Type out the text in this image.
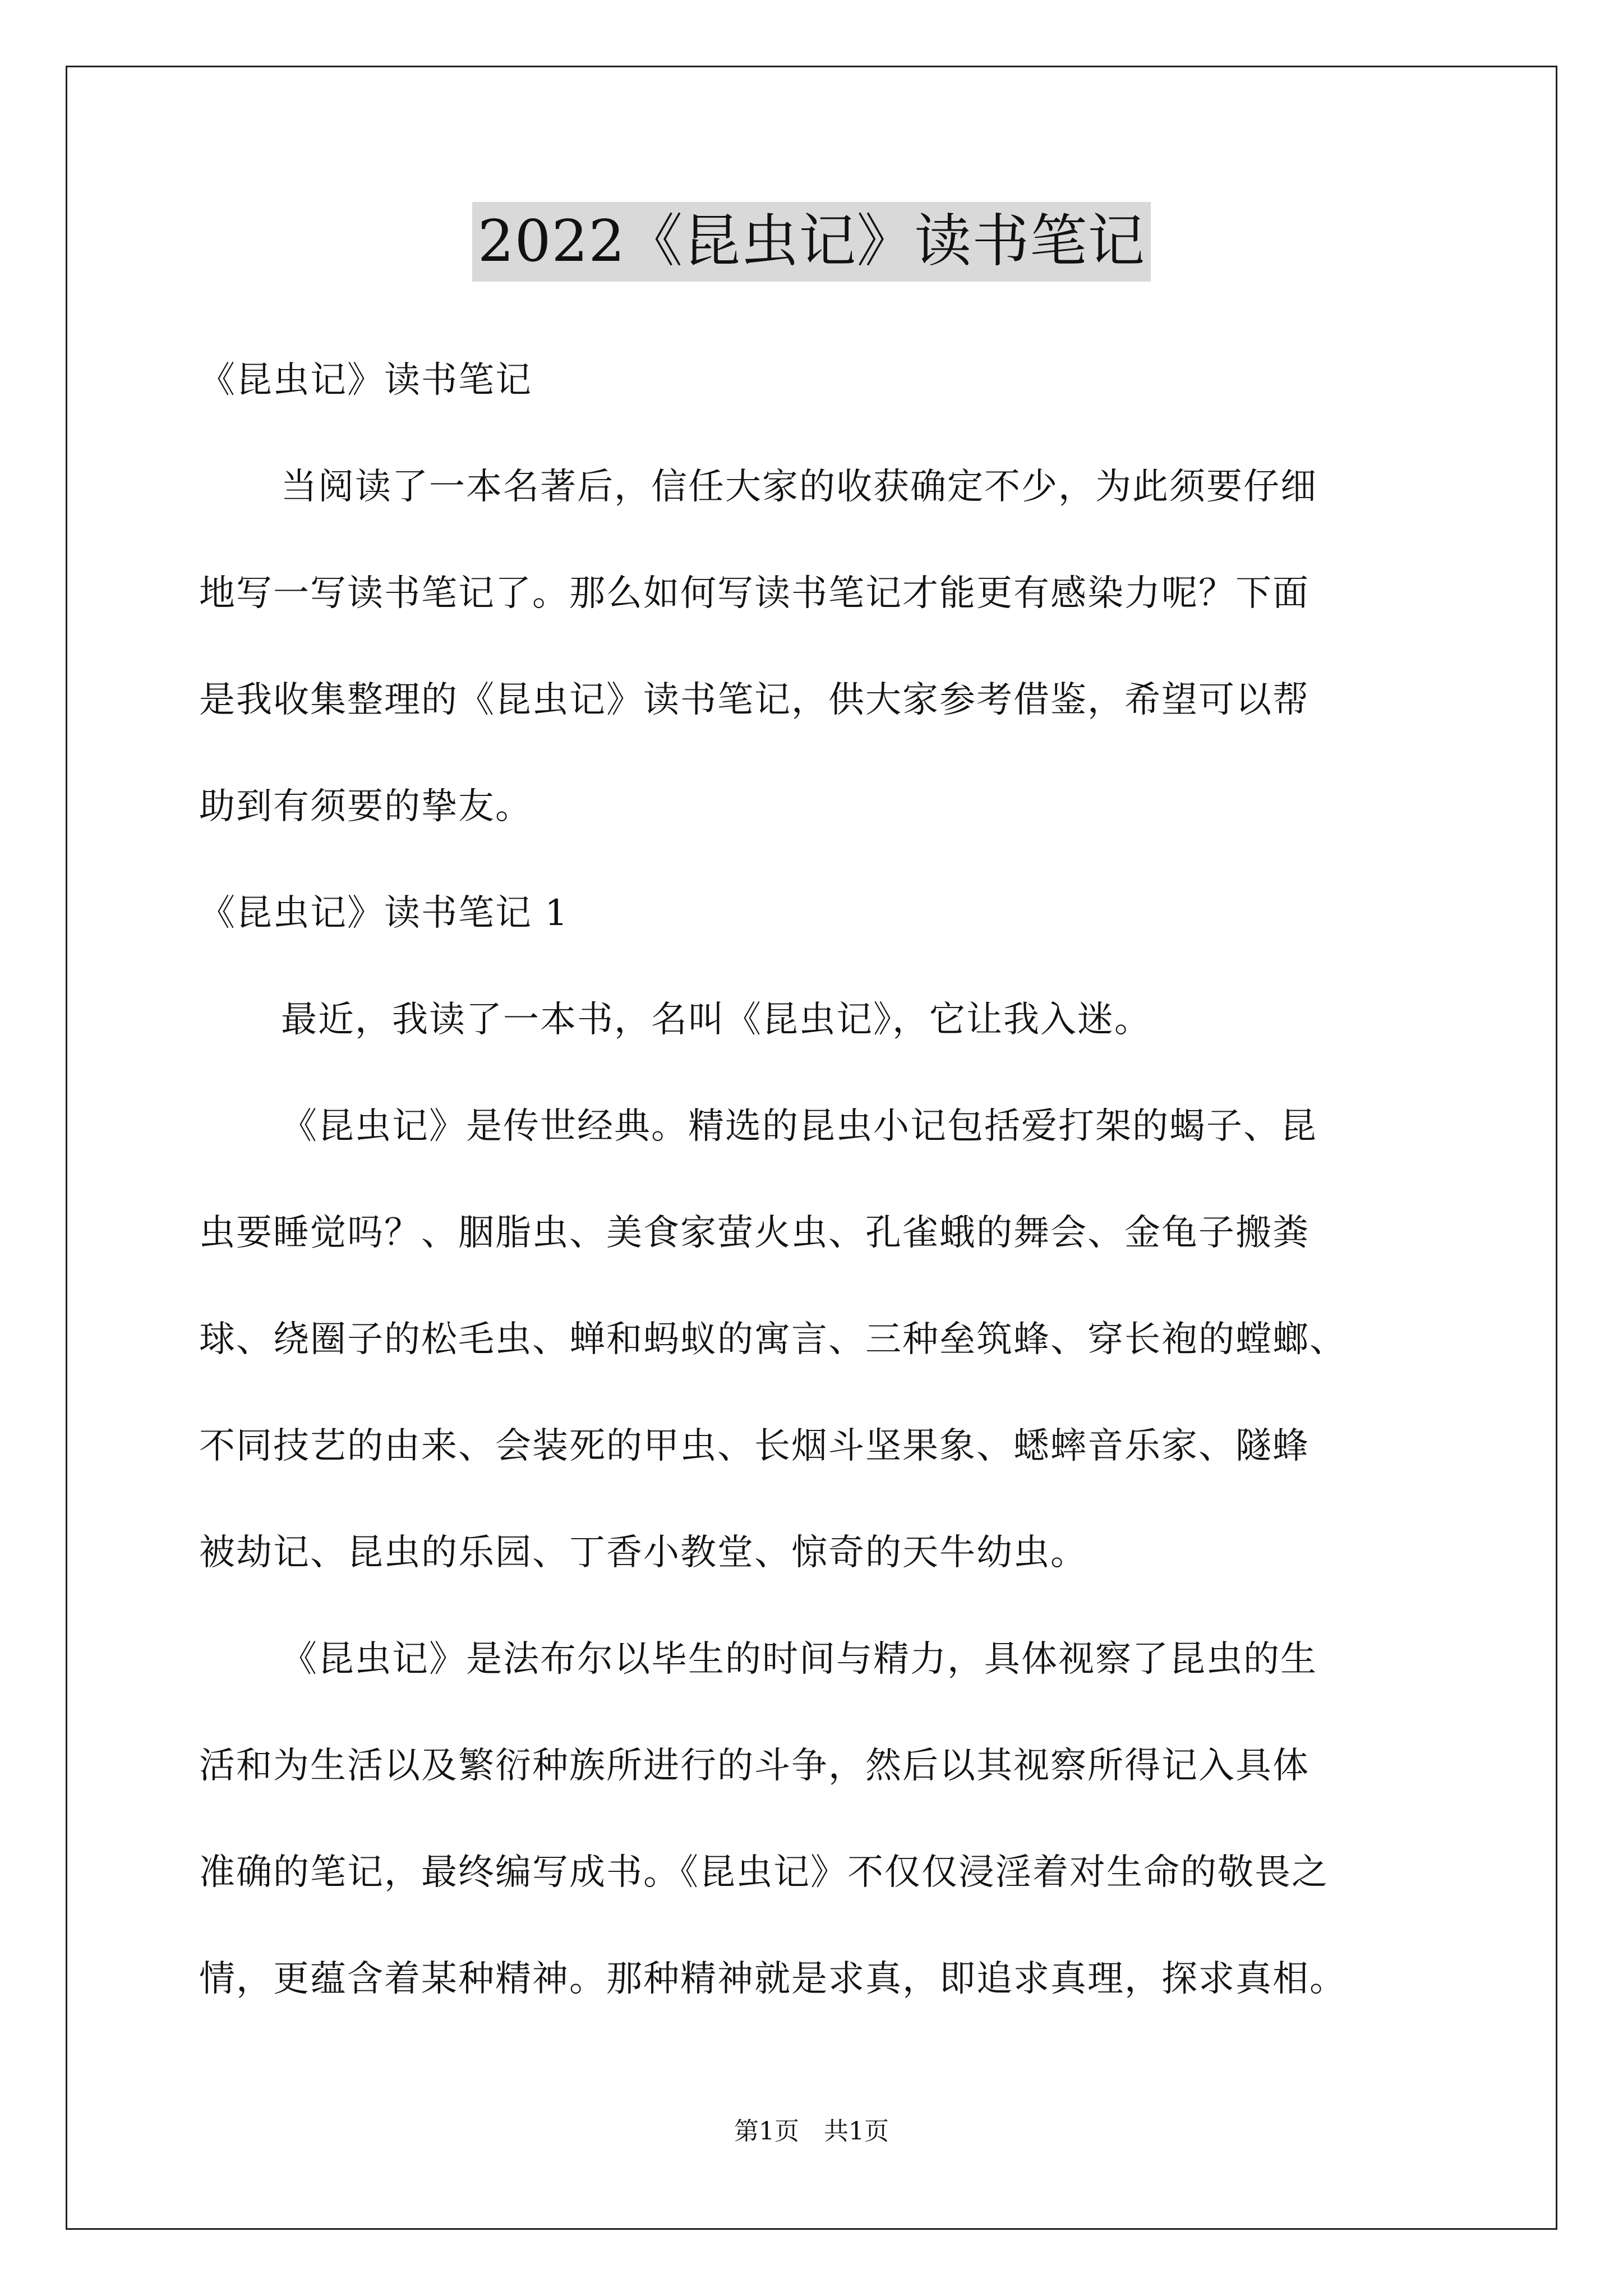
2022《昆虫记》读书笔记
《昆虫记》读书笔记
当阅读了一本名著后，信任大家的收获确定不少，为此须要仔细
地写一写读书笔记了。那么如何写读书笔记才能更有感染力呢？下面
是我收集整理的《昆虫记》读书笔记，供大家参考借鉴，希望可以帮
助到有须要的挚友。
《昆虫记》读书笔记 1
最近，我读了一本书，名叫《昆虫记》，它让我入迷。
《昆虫记》是传世经典。精选的昆虫小记包括爱打架的蝎子、昆
虫要睡觉吗？、胭脂虫、美食家萤火虫、孔雀蛾的舞会、金龟子搬粪
球、绕圈子的松毛虫、蝉和蚂蚁的寓言、三种垒筑蜂、穿长袍的螳螂、
不同技艺的由来、会装死的甲虫、长烟斗坚果象、蟋蟀音乐家、隧蜂
被劫记、昆虫的乐园、丁香小教堂、惊奇的天牛幼虫。
《昆虫记》是法布尔以毕生的时间与精力，具体视察了昆虫的生
活和为生活以及繁衍种族所进行的斗争，然后以其视察所得记入具体
准确的笔记，最终编写成书。《昆虫记》不仅仅浸淫着对生命的敬畏之
情，更蕴含着某种精神。那种精神就是求真，即追求真理，探求真相。
第1页　共1页
